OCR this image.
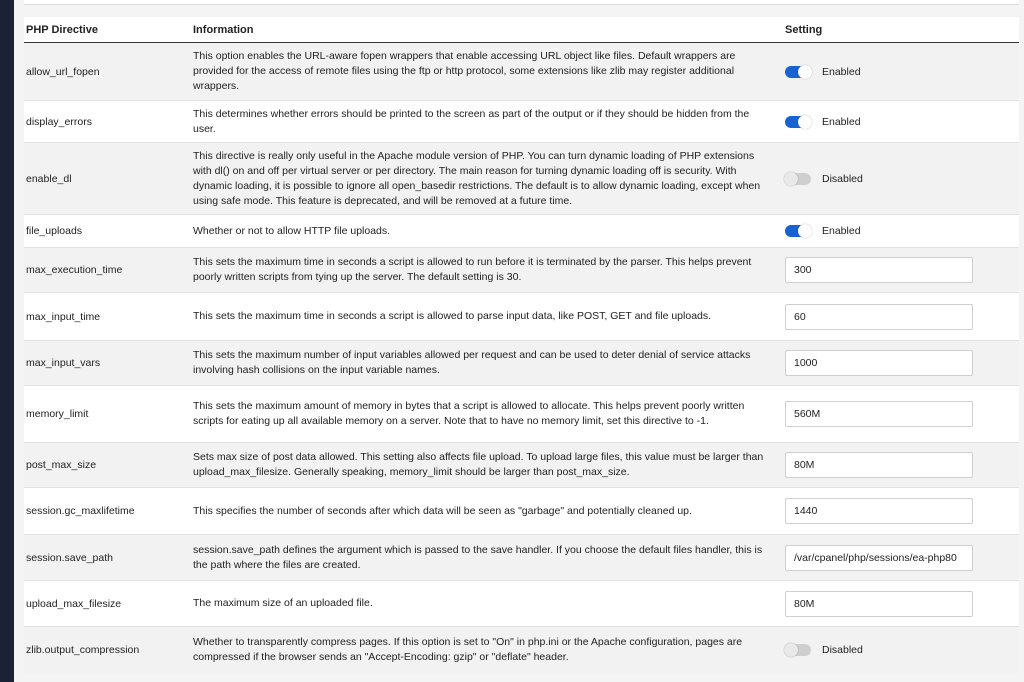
PHP Directive	Information	Setting
allow_url_fopen	This option enables the URL-aware fopen wrappers that enable accessing URL object like files. Default wrappers are provided for the access of remote files using the ftp or http protocol, some extensions like zlib may register additional wrappers.	Enabled

display_errors	This determines whether errors should be printed to the screen as part of the output or if they should be hidden from the user.	Enabled

enable_dl	This directive is really only useful in the Apache module version of PHP. You can turn dynamic loading of PHP extensions with dl() on and off per virtual server or per directory. The main reason for turning dynamic loading off is security. With dynamic loading, it is possible to ignore all open_basedir restrictions. The default is to allow dynamic loading, except when using safe mode. This feature is deprecated, and will be removed at a future time.	Disabled

file_uploads	Whether or not to allow HTTP file uploads.	Enabled

max_execution_time	This sets the maximum time in seconds a script is allowed to run before it is terminated by the parser. This helps prevent poorly written scripts from tying up the server. The default setting is 30.	300
max_input_time	This sets the maximum time in seconds a script is allowed to parse input data, like POST, GET and file uploads.	60
max_input_vars	This sets the maximum number of input variables allowed per request and can be used to deter denial of service attacks involving hash collisions on the input variable names.	1000
memory_limit	This sets the maximum amount of memory in bytes that a script is allowed to allocate. This helps prevent poorly written scripts for eating up all available memory on a server. Note that to have no memory limit, set this directive to -1.	560M
post_max_size	Sets max size of post data allowed. This setting also affects file upload. To upload large files, this value must be larger than upload_max_filesize. Generally speaking, memory_limit should be larger than post_max_size.	80M
session.gc_maxlifetime	This specifies the number of seconds after which data will be seen as "garbage" and potentially cleaned up.	1440
session.save_path	session.save_path defines the argument which is passed to the save handler. If you choose the default files handler, this is the path where the files are created.	/var/cpanel/php/sessions/ea-php80
upload_max_filesize	The maximum size of an uploaded file.	80M
zlib.output_compression	Whether to transparently compress pages. If this option is set to "On" in php.ini or the Apache configuration, pages are compressed if the browser sends an "Accept-Encoding: gzip" or "deflate" header.	Disabled
